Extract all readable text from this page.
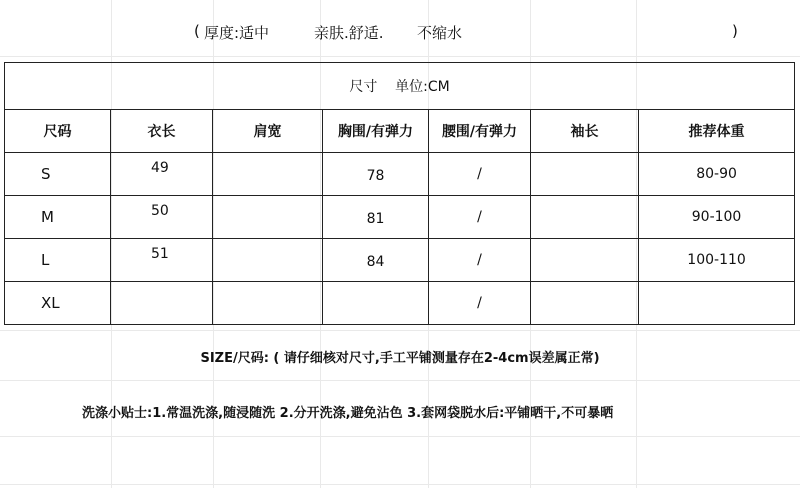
( 厚度:适中	亲肤.舒适. 不缩水	)
尺寸    单位:CM						
尺码	衣长	肩宽	胸围/有弹力	腰围/有弹力	袖长	推荐体重
S	49		78	/		80-90
M	50		81	/		90-100
L	51		84	/		100-110
XL				/		
SIZE/尺码: ( 请仔细核对尺寸,手工平铺测量存在2-4cm误差属正常)
洗涤小贴士:1.常温洗涤,随浸随洗 2.分开洗涤,避免沾色 3.套网袋脱水后:平铺晒干,不可暴晒
